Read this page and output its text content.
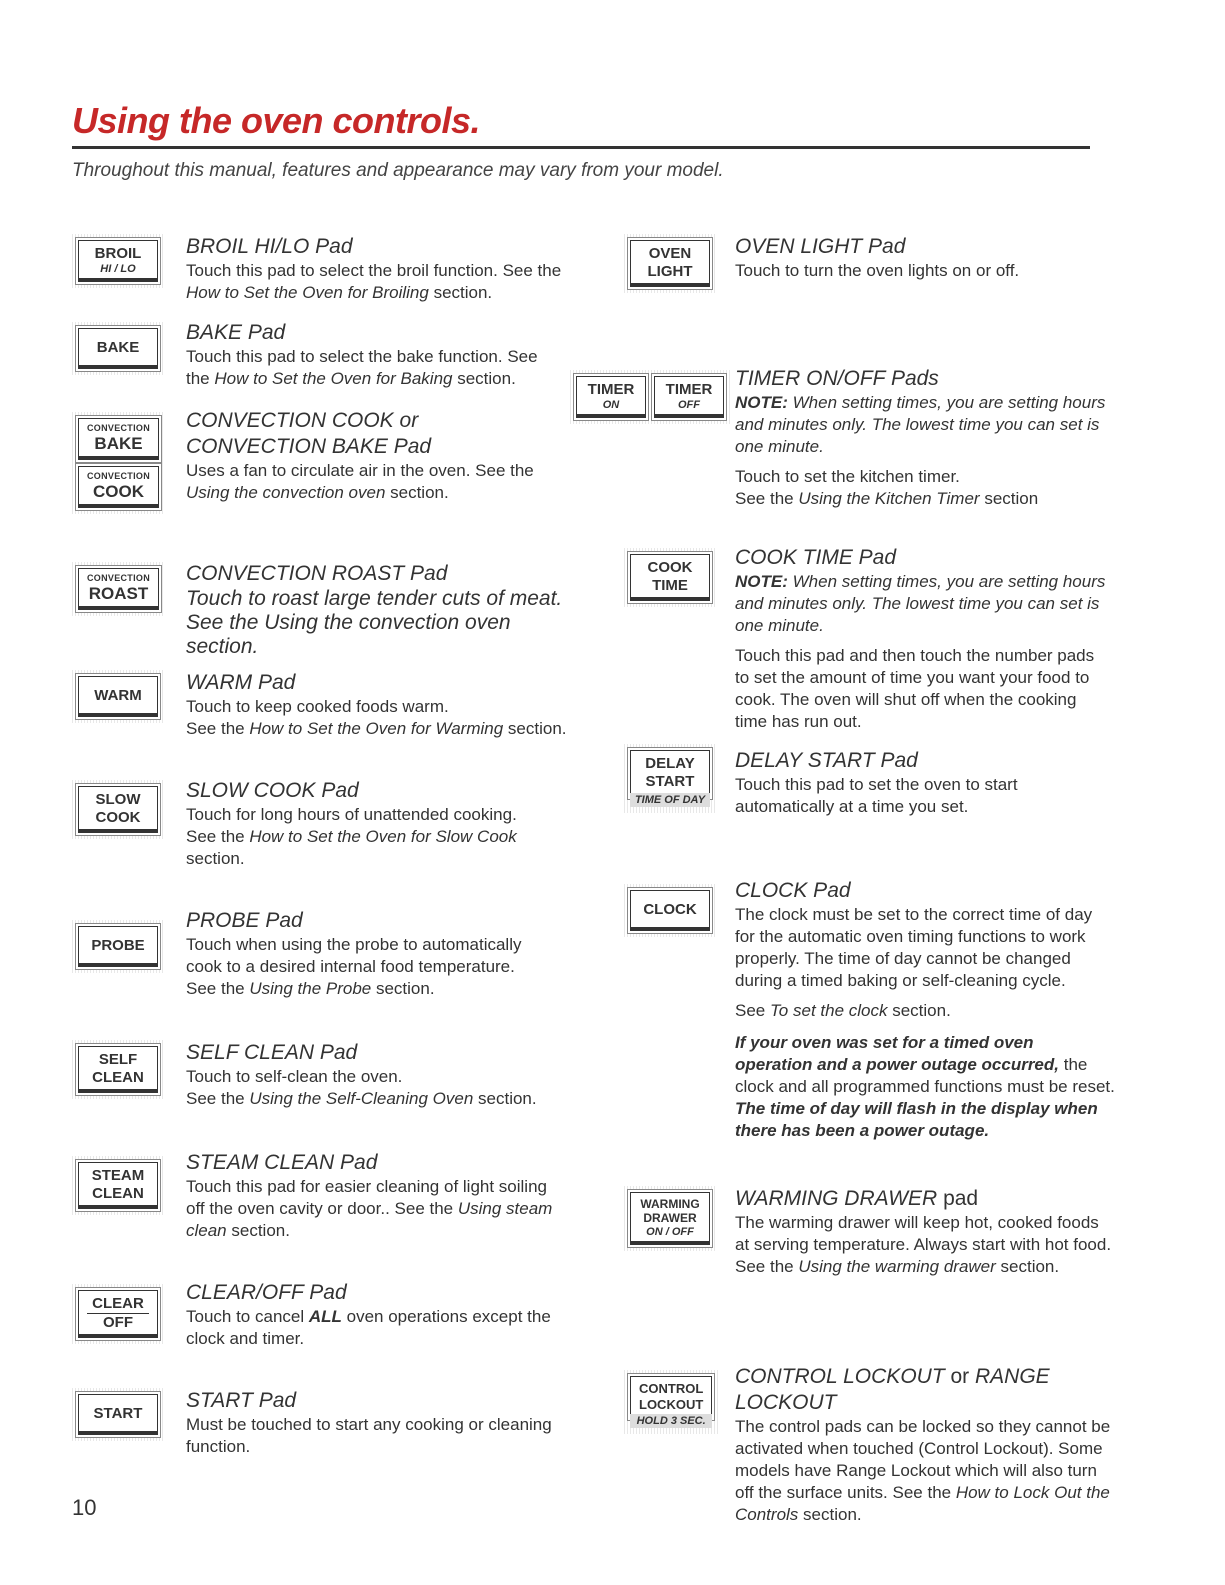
Using the oven controls.

Throughout this manual, features and appearance may vary from your model.

BROIL
HI / LO
BROIL HI/LO Pad
Touch this pad to select the broil function. See the How to Set the Oven for Broiling section.
BAKE
BAKE Pad
Touch this pad to select the bake function. See the How to Set the Oven for Baking section.
CONVECTION
BAKE
CONVECTION
COOK
CONVECTION COOK or CONVECTION BAKE Pad
Uses a fan to circulate air in the oven. See the Using the convection oven section.
CONVECTION
ROAST
CONVECTION ROAST Pad
Touch to roast large tender cuts of meat.
See the Using the convection oven section.
WARM
WARM Pad

Touch to keep cooked foods warm.

See the How to Set the Oven for Warming section.

SLOW
COOK
SLOW COOK Pad

Touch for long hours of unattended cooking.

See the How to Set the Oven for Slow Cook section.

PROBE
PROBE Pad

Touch when using the probe to automatically cook to a desired internal food temperature.

See the Using the Probe section.

SELF
CLEAN
SELF CLEAN Pad

Touch to self-clean the oven.

See the Using the Self-Cleaning Oven section.

STEAM
CLEAN
STEAM CLEAN Pad
Touch this pad for easier cleaning of light soiling off the oven cavity or door.. See the Using steam clean section.
CLEAR
OFF
CLEAR/OFF Pad
Touch to cancel ALL oven operations except the clock and timer.
START
START Pad
Must be touched to start any cooking or cleaning function.
10
OVEN
LIGHT
OVEN LIGHT Pad
Touch to turn the oven lights on or off.
TIMER
ON
TIMER
OFF
TIMER ON/OFF Pads

NOTE: When setting times, you are setting hours and minutes only. The lowest time you can set is one minute.

Touch to set the kitchen timer.

See the Using the Kitchen Timer section

COOK
TIME
COOK TIME Pad

NOTE: When setting times, you are setting hours and minutes only. The lowest time you can set is one minute.

Touch this pad and then touch the number pads to set the amount of time you want your food to cook. The oven will shut off when the cooking time has run out.

DELAY
START
TIME OF DAY
DELAY START Pad
Touch this pad to set the oven to start automatically at a time you set.
CLOCK
CLOCK Pad

The clock must be set to the correct time of day for the automatic oven timing functions to work properly. The time of day cannot be changed during a timed baking or self-cleaning cycle.

See To set the clock section.

If your oven was set for a timed oven operation and a power outage occurred, the clock and all programmed functions must be reset. The time of day will flash in the display when there has been a power outage.

WARMING
DRAWER
ON / OFF
WARMING DRAWER pad
The warming drawer will keep hot, cooked foods at serving temperature. Always start with hot food. See the Using the warming drawer section.
CONTROL
LOCKOUT
HOLD 3 SEC.
CONTROL LOCKOUT or RANGE LOCKOUT
The control pads can be locked so they cannot be activated when touched (Control Lockout). Some models have Range Lockout which will also turn off the surface units. See the How to Lock Out the Controls section.
